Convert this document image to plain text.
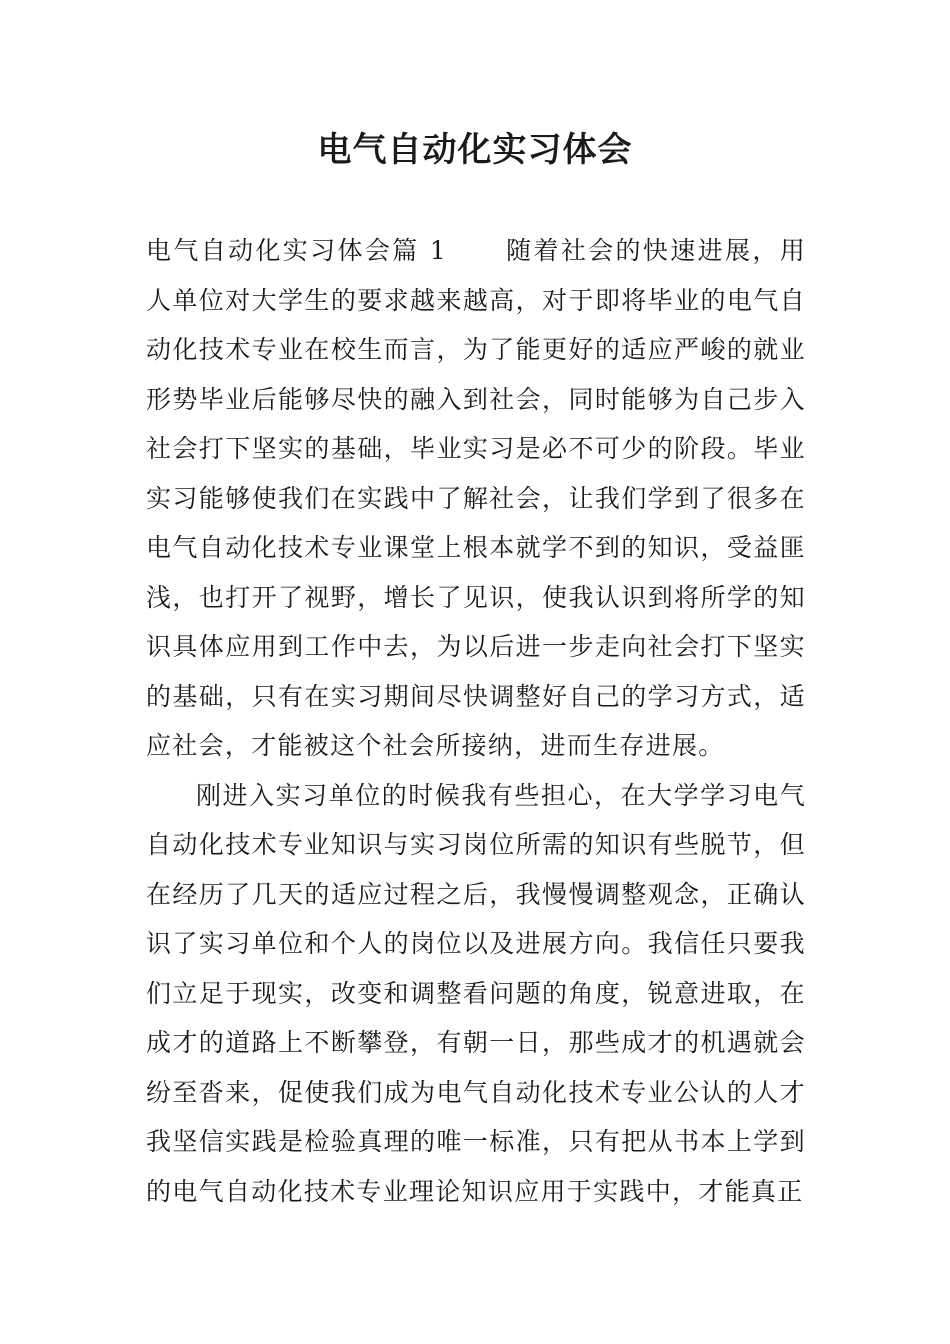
电气自动化实习体会

电气自动化实习体会篇 1 随着社会的快速进展，用人单位对大学生的要求越来越高，对于即将毕业的电气自动化技术专业在校生而言，为了能更好的适应严峻的就业形势毕业后能够尽快的融入到社会，同时能够为自己步入社会打下坚实的基础，毕业实习是必不可少的阶段。毕业实习能够使我们在实践中了解社会，让我们学到了很多在电气自动化技术专业课堂上根本就学不到的知识，受益匪浅，也打开了视野，增长了见识，使我认识到将所学的知识具体应用到工作中去，为以后进一步走向社会打下坚实的基础，只有在实习期间尽快调整好自己的学习方式，适应社会，才能被这个社会所接纳，进而生存进展。

刚进入实习单位的时候我有些担心，在大学学习电气自动化技术专业知识与实习岗位所需的知识有些脱节，但在经历了几天的适应过程之后，我慢慢调整观念，正确认识了实习单位和个人的岗位以及进展方向。我信任只要我们立足于现实，改变和调整看问题的角度，锐意进取，在成才的道路上不断攀登，有朝一日，那些成才的机遇就会纷至沓来，促使我们成为电气自动化技术专业公认的人才我坚信实践是检验真理的唯一标准，只有把从书本上学到的电气自动化技术专业理论知识应用于实践中，才能真正
